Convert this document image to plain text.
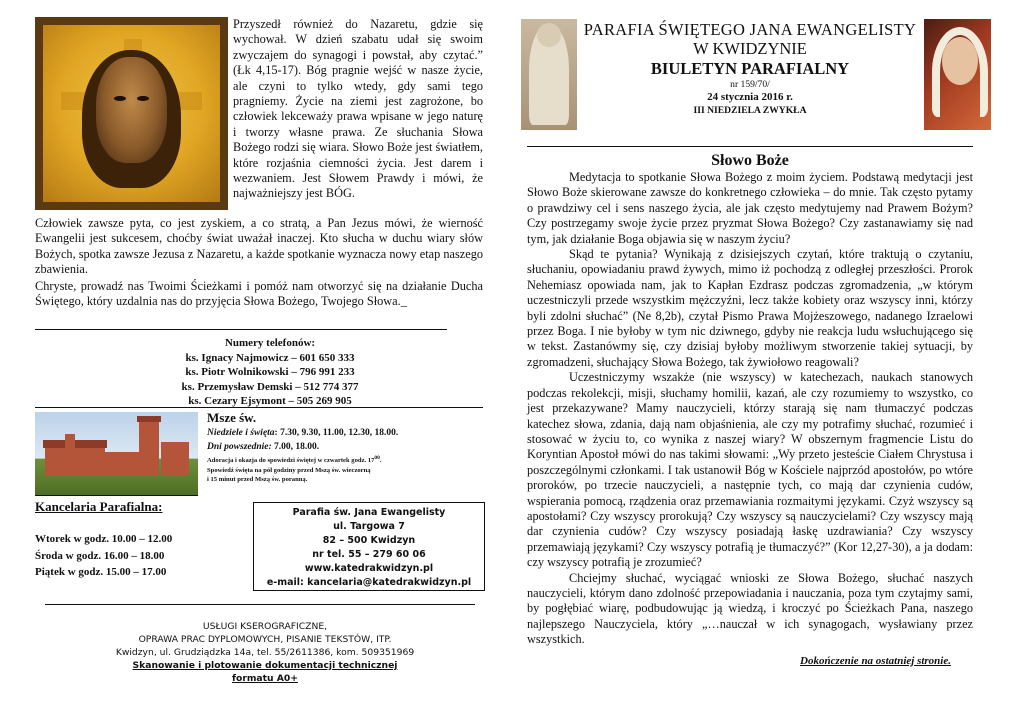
Przyszedł również do Nazaretu, gdzie się wychował. W dzień szabatu udał się swoim zwyczajem do synagogi i powstał, aby czytać.” (Łk 4,15-17). Bóg pragnie wejść w nasze życie, ale czyni to tylko wtedy, gdy sami tego pragniemy. Życie na ziemi jest zagrożone, bo człowiek lekceważy prawa wpisane w jego naturę i tworzy własne prawa. Ze słuchania Słowa Bożego rodzi się wiara. Słowo Boże jest światłem, które rozjaśnia ciemności życia. Jest darem i wezwaniem. Jest Słowem Prawdy i mówi, że najważniejszy jest BÓG.

Człowiek zawsze pyta, co jest zyskiem, a co stratą, a Pan Jezus mówi, że wierność Ewangelii jest sukcesem, choćby świat uważał inaczej. Kto słucha w duchu wiary słów Bożych, spotka zawsze Jezusa z Nazaretu, a każde spotkanie wyznacza nowy etap naszego zbawienia.

Chryste, prowadź nas Twoimi Ścieżkami i pomóż nam otworzyć się na działanie Ducha Świętego, który uzdalnia nas do przyjęcia Słowa Bożego, Twojego Słowa._

Numery telefonów:
ks. Ignacy Najmowicz – 601 650 333
ks. Piotr Wolnikowski – 796 991 233
ks. Przemysław Demski – 512 774 377
ks. Cezary Ejsymont – 505 269 905
Msze św.
Niedziele i święta: 7.30, 9.30, 11.00, 12.30, 18.00.
Dni powszednie: 7.00, 18.00.
Adoracja i okazja do spowiedzi świętej w czwartek godz. $17^{00}$.
Spowiedź święta na pół godziny przed Mszą św. wieczorną
i 15 minut przed Mszą św. poranną.
Kancelaria Parafialna:
Wtorek w godz. 10.00 – 12.00
Środa w godz. 16.00 – 18.00
Piątek w godz. 15.00 – 17.00
Parafia św. Jana Ewangelisty
ul. Targowa 7
82 – 500 Kwidzyn
nr tel. 55 – 279 60 06
www.katedrakwidzyn.pl
e-mail: kancelaria@katedrakwidzyn.pl
USŁUGI KSEROGRAFICZNE,
OPRAWA PRAC DYPLOMOWYCH, PISANIE TEKSTÓW, ITP.
Kwidzyn, ul. Grudziądzka 14a, tel. 55/2611386, kom. 509351969
Skanowanie i plotowanie dokumentacji technicznej
formatu A0+
PARAFIA ŚWIĘTEGO JANA EWANGELISTY
W KWIDZYNIE
BIULETYN PARAFIALNY
nr 159/70/
24 stycznia 2016 r.
III NIEDZIELA ZWYKŁA
Słowo Boże

Medytacja to spotkanie Słowa Bożego z moim życiem. Podstawą medytacji jest Słowo Boże skierowane zawsze do konkretnego człowieka – do mnie. Tak często pytamy o prawdziwy cel i sens naszego życia, ale jak często medytujemy nad Prawem Bożym? Czy postrzegamy swoje życie przez pryzmat Słowa Bożego? Czy zastanawiamy się nad tym, jak działanie Boga objawia się w naszym życiu?

Skąd te pytania? Wynikają z dzisiejszych czytań, które traktują o czytaniu, słuchaniu, opowiadaniu prawd żywych, mimo iż pochodzą z odległej przeszłości. Prorok Nehemiasz opowiada nam, jak to Kapłan Ezdrasz podczas zgromadzenia, „w którym uczestniczyli przede wszystkim mężczyźni, lecz także kobiety oraz wszyscy inni, którzy byli zdolni słuchać” (Ne 8,2b), czytał Pismo Prawa Mojżeszowego, nadanego Izraelowi przez Boga. I nie byłoby w tym nic dziwnego, gdyby nie reakcja ludu wsłuchującego się w tekst. Zastanówmy się, czy dzisiaj byłoby możliwym stworzenie takiej sytuacji, by zgromadzeni, słuchający Słowa Bożego, tak żywiołowo reagowali?

Uczestniczymy wszakże (nie wszyscy) w katechezach, naukach stanowych podczas rekolekcji, misji, słuchamy homilii, kazań, ale czy rozumiemy to wszystko, co jest przekazywane? Mamy nauczycieli, którzy starają się nam tłumaczyć podczas katechez słowa, zdania, dają nam objaśnienia, ale czy my potrafimy słuchać, rozumieć i stosować w życiu to, co wynika z naszej wiary? W obszernym fragmencie Listu do Koryntian Apostoł mówi do nas takimi słowami: „Wy przeto jesteście Ciałem Chrystusa i poszczególnymi członkami. I tak ustanowił Bóg w Kościele najprzód apostołów, po wtóre proroków, po trzecie nauczycieli, a następnie tych, co mają dar czynienia cudów, wspierania pomocą, rządzenia oraz przemawiania rozmaitymi językami. Czyż wszyscy są apostołami? Czy wszyscy prorokują? Czy wszyscy są nauczycielami? Czy wszyscy mają dar czynienia cudów? Czy wszyscy posiadają łaskę uzdrawiania? Czy wszyscy przemawiają językami? Czy wszyscy potrafią je tłumaczyć?” (Kor 12,27-30), a ja dodam: czy wszyscy potrafią je zrozumieć?

Chciejmy słuchać, wyciągać wnioski ze Słowa Bożego, słuchać naszych nauczycieli, którym dano zdolność przepowiadania i nauczania, poza tym czytajmy sami, by pogłębiać wiarę, podbudowując ją wiedzą, i kroczyć po Ścieżkach Pana, naszego najlepszego Nauczyciela, który „…nauczał w ich synagogach, wysławiany przez wszystkich.

Dokończenie na ostatniej stronie.
